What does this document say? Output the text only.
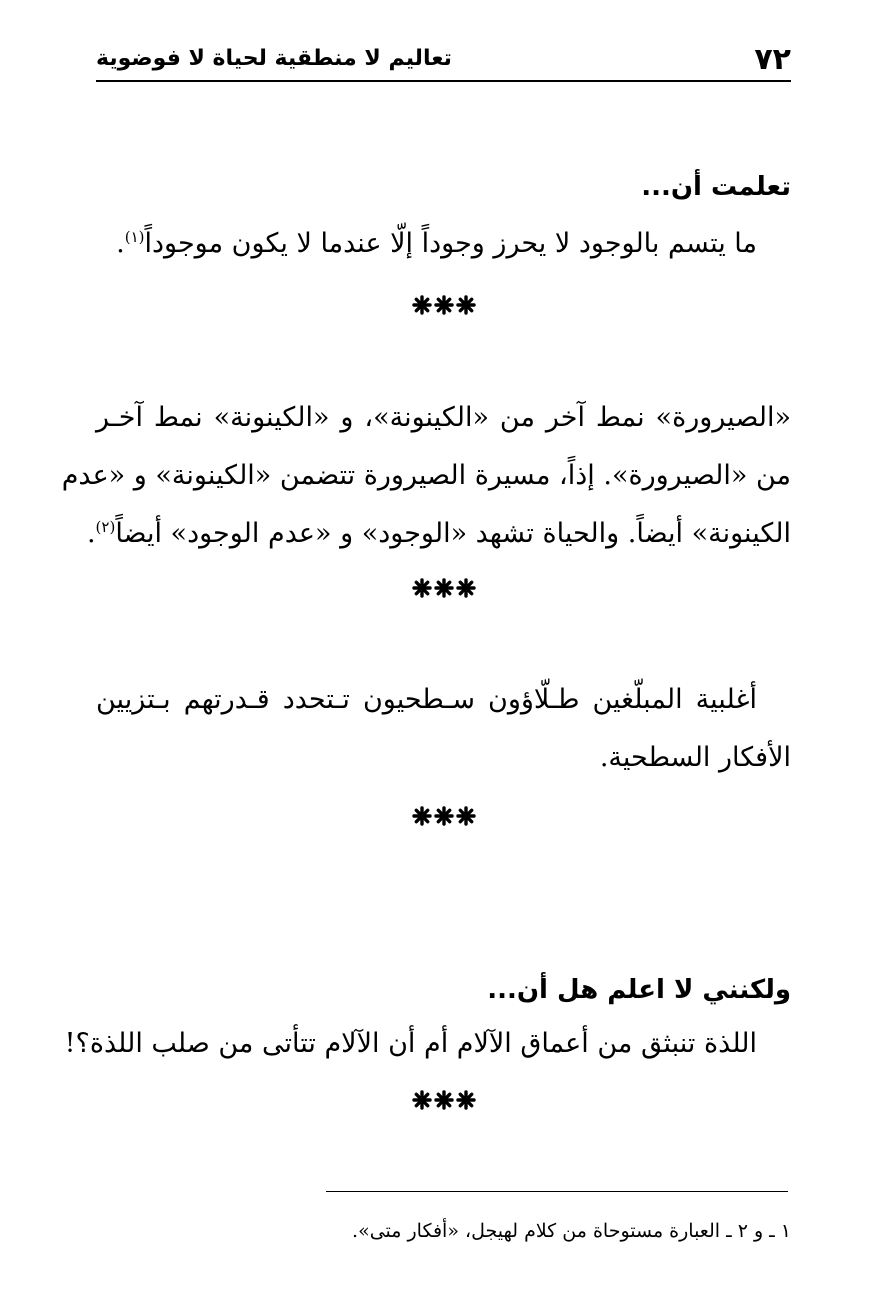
٧٢
تعاليم لا منطقية لحياة لا فوضوية
تعلمت أن...
ما يتسم بالوجود لا يحرز وجوداً إلّا عندما لا يكون موجوداً$^{(١)}$.
«الصيرورة» نمط آخر من «الكينونة»، و «الكينونة» نمط آخـر
من «الصيرورة». إذاً، مسيرة الصيرورة تتضمن «الكينونة» و «عدم
الكينونة» أيضاً. والحياة تشهد «الوجود» و «عدم الوجود» أيضاً$^{(٢)}$.
أغلبية المبلّغين طـلّاؤون سـطحيون تـتحدد قـدرتهم بـتزيين
الأفكار السطحية.
ولكنني لا اعلم هل أن...
اللذة تنبثق من أعماق الآلام أم أن الآلام تتأتى من صلب اللذة؟!
١ ـ و ٢ ـ العبارة مستوحاة من كلام لهيجل، «أفكار متى».
